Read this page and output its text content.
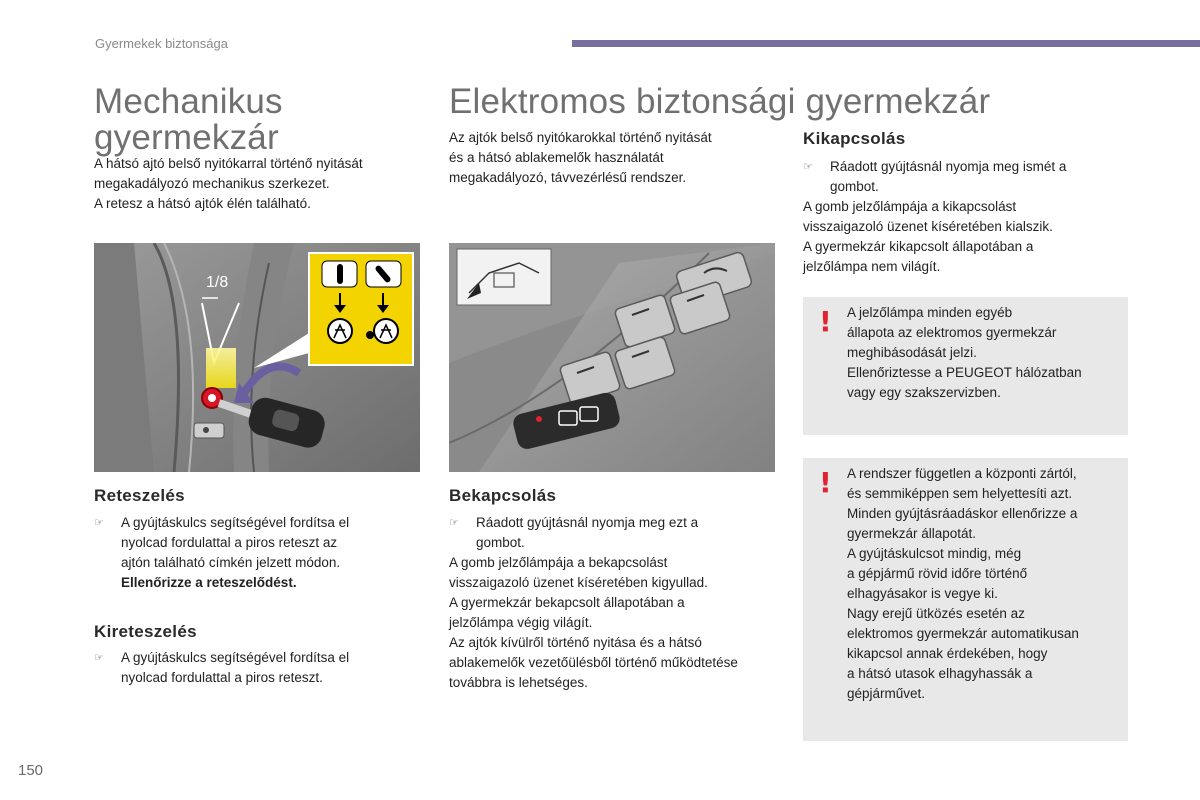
Gyermekek biztonsága
Mechanikus
gyermekzár

A hátsó ajtó belső nyitókarral történő nyitását

megakadályozó mechanikus szerkezet.

A retesz a hátsó ajtók élén található.

1/8
Reteszelés
☞ A gyújtáskulcs segítségével fordítsa el
nyolcad fordulattal a piros reteszt az
ajtón található címkén jelzett módon.
Ellenőrizze a reteszelődést.
Kireteszelés
☞ A gyújtáskulcs segítségével fordítsa el
nyolcad fordulattal a piros reteszt.
Elektromos biztonsági gyermekzár

Az ajtók belső nyitókarokkal történő nyitását

és a hátsó ablakemelők használatát

megakadályozó, távvezérlésű rendszer.

Bekapcsolás
☞ Ráadott gyújtásnál nyomja meg ezt a
gombot.

A gomb jelzőlámpája a bekapcsolást

visszaigazoló üzenet kíséretében kigyullad.

A gyermekzár bekapcsolt állapotában a

jelzőlámpa végig világít.

Az ajtók kívülről történő nyitása és a hátsó

ablakemelők vezetőülésből történő működtetése

továbbra is lehetséges.

Kikapcsolás
☞ Ráadott gyújtásnál nyomja meg ismét a
gombot.

A gomb jelzőlámpája a kikapcsolást

visszaigazoló üzenet kíséretében kialszik.

A gyermekzár kikapcsolt állapotában a

jelzőlámpa nem világít.

! A jelzőlámpa minden egyéb

állapota az elektromos gyermekzár

meghibásodását jelzi.

Ellenőriztesse a PEUGEOT hálózatban

vagy egy szakszervizben.

! A rendszer független a központi zártól,

és semmiképpen sem helyettesíti azt.

Minden gyújtásráadáskor ellenőrizze a

gyermekzár állapotát.

A gyújtáskulcsot mindig, még

a gépjármű rövid időre történő

elhagyásakor is vegye ki.

Nagy erejű ütközés esetén az

elektromos gyermekzár automatikusan

kikapcsol annak érdekében, hogy

a hátsó utasok elhagyhassák a

gépjárművet.

150
